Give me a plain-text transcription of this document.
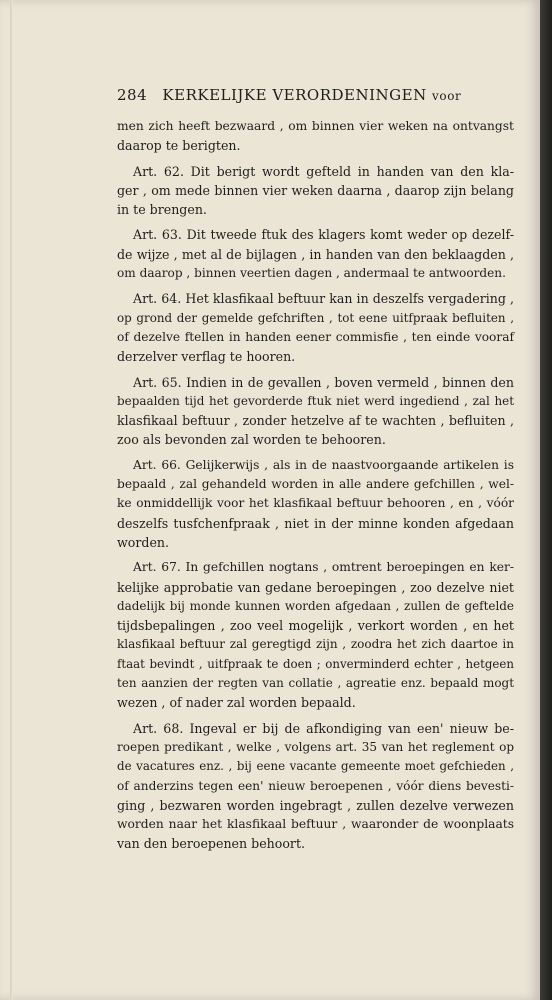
284 KERKELIJKE VERORDENINGEN voor
men zich heeft bezwaard , om binnen vier weken na ontvangst
daarop te berigten.
Art. 62. Dit berigt wordt gefteld in handen van den kla-
ger , om mede binnen vier weken daarna , daarop zijn belang
in te brengen.
Art. 63. Dit tweede ftuk des klagers komt weder op dezelf-
de wijze , met al de bijlagen , in handen van den beklaagden ,
om daarop , binnen veertien dagen , andermaal te antwoorden.
Art. 64. Het klasfikaal beftuur kan in deszelfs vergadering ,
op grond der gemelde gefchriften , tot eene uitfpraak befluiten ,
of dezelve ftellen in handen eener commisfie , ten einde vooraf
derzelver verflag te hooren.
Art. 65. Indien in de gevallen , boven vermeld , binnen den
bepaalden tijd het gevorderde ftuk niet werd ingediend , zal het
klasfikaal beftuur , zonder hetzelve af te wachten , befluiten ,
zoo als bevonden zal worden te behooren.
Art. 66. Gelijkerwijs , als in de naastvoorgaande artikelen is
bepaald , zal gehandeld worden in alle andere gefchillen , wel-
ke onmiddellijk voor het klasfikaal beftuur behooren , en , vóór
deszelfs tusfchenfpraak , niet in der minne konden afgedaan
worden.
Art. 67. In gefchillen nogtans , omtrent beroepingen en ker-
kelijke approbatie van gedane beroepingen , zoo dezelve niet
dadelijk bij monde kunnen worden afgedaan , zullen de geftelde
tijdsbepalingen , zoo veel mogelijk , verkort worden , en het
klasfikaal beftuur zal geregtigd zijn , zoodra het zich daartoe in
ftaat bevindt , uitfpraak te doen ; onverminderd echter , hetgeen
ten aanzien der regten van collatie , agreatie enz. bepaald mogt
wezen , of nader zal worden bepaald.
Art. 68. Ingeval er bij de afkondiging van een' nieuw be-
roepen predikant , welke , volgens art. 35 van het reglement op
de vacatures enz. , bij eene vacante gemeente moet gefchieden ,
of anderzins tegen een' nieuw beroepenen , vóór diens bevesti-
ging , bezwaren worden ingebragt , zullen dezelve verwezen
worden naar het klasfikaal beftuur , waaronder de woonplaats
van den beroepenen behoort.
